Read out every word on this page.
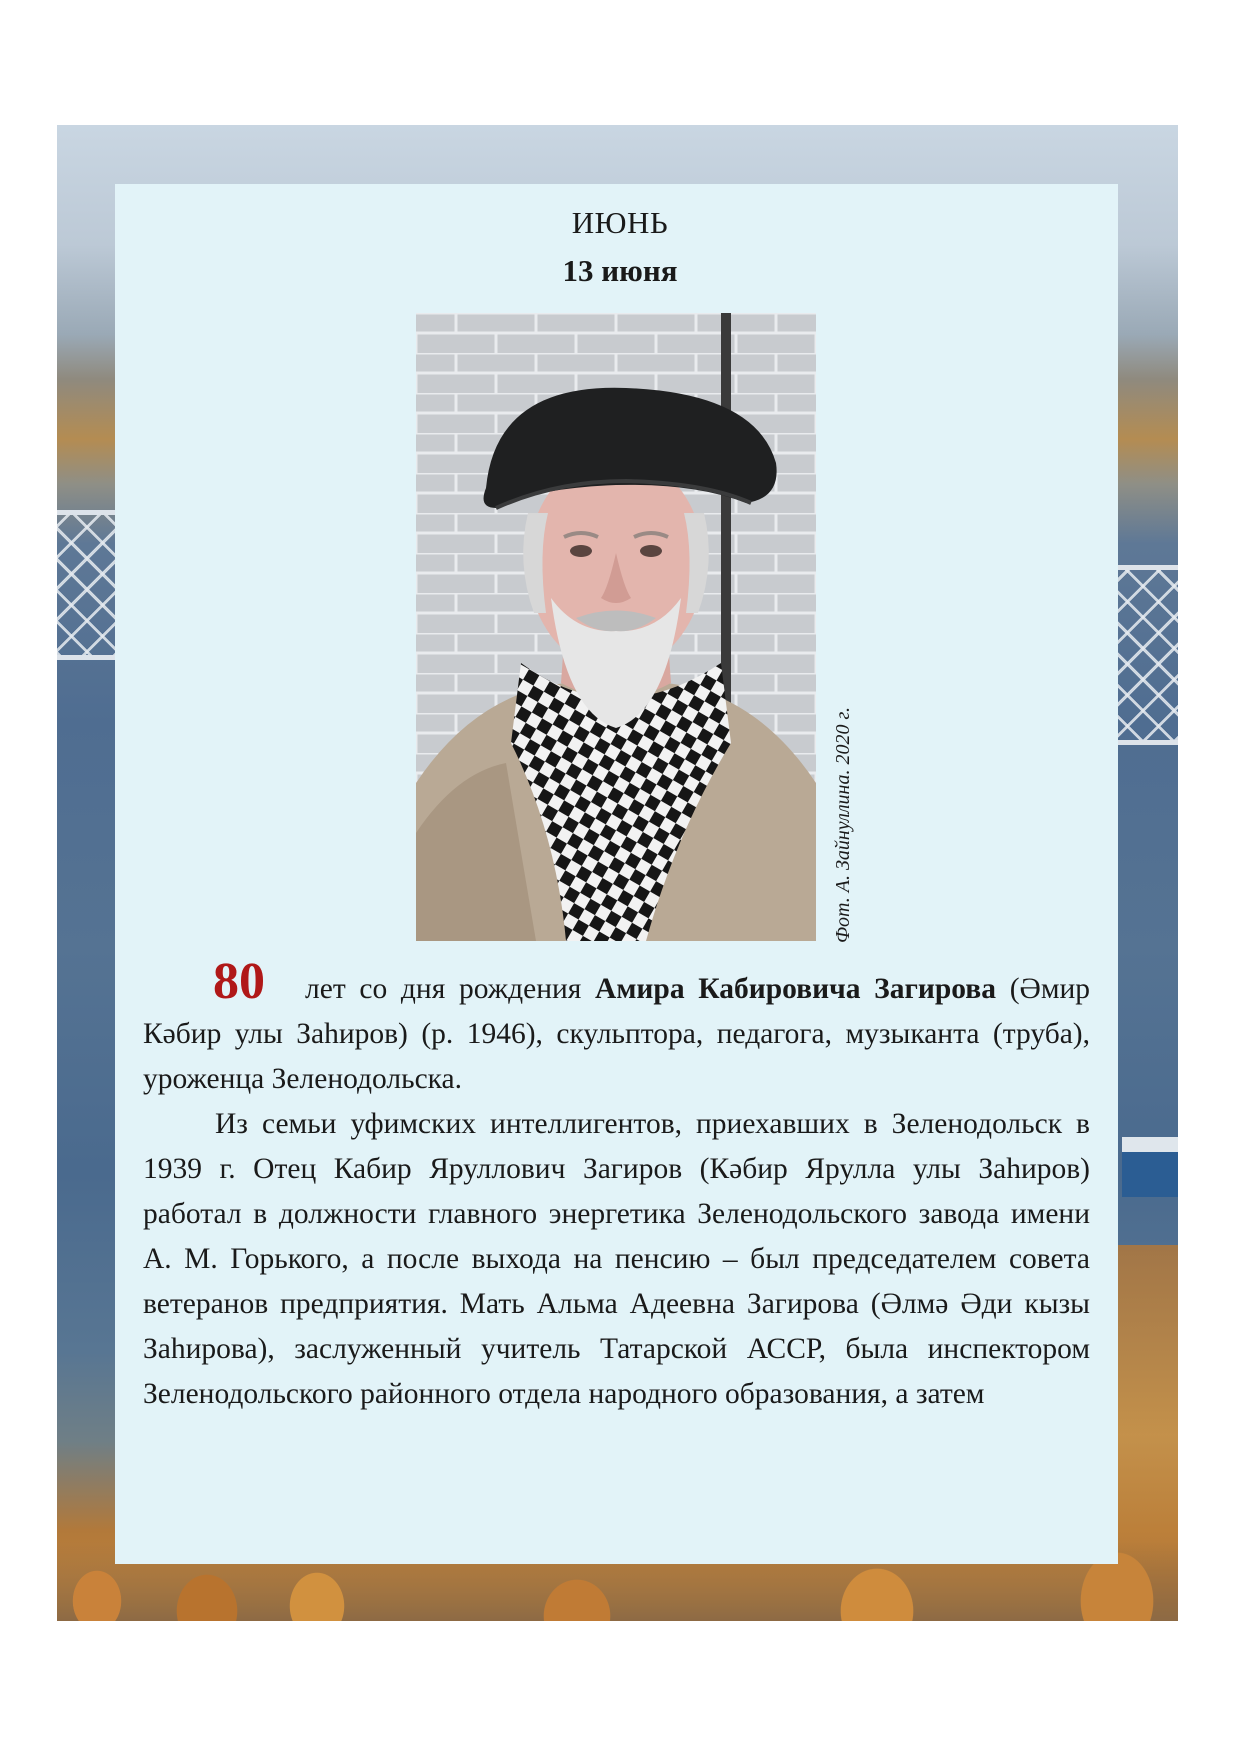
ИЮНЬ
13 июня
Фот. А. Зайнуллина. 2020 г.

80 лет со дня рождения Амира Кабировича Загирова (Әмир Кәбир улы Заһиров) (р. 1946), скульптора, педагога, музыканта (труба), уроженца Зеленодольска.

Из семьи уфимских интеллигентов, приехавших в Зеленодольск в 1939 г. Отец Кабир Яруллович Загиров (Кәбир Ярулла улы Заһиров) работал в должности главного энергетика Зеленодольского завода имени А. М. Горького, а после выхода на пенсию – был председателем совета ветеранов предприятия. Мать Альма Адеевна Загирова (Әлмә Әди кызы Заһирова), заслуженный учитель Татарской АССР, была инспектором Зеленодольского районного отдела народного образования, а затем
